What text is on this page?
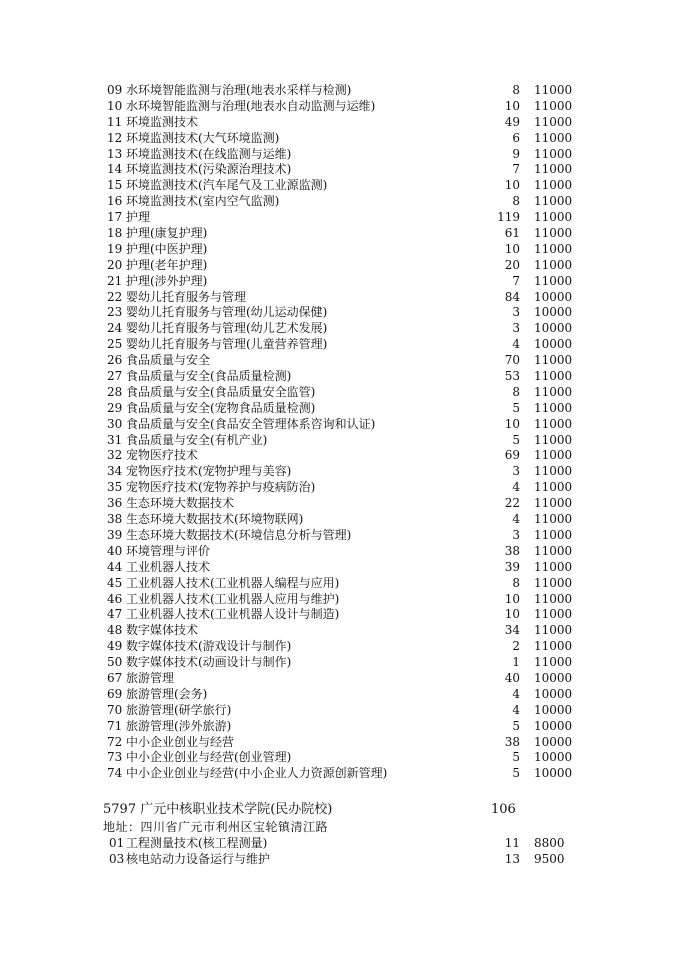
09 水环境智能监测与治理(地表水采样与检测)	8 11000
10 水环境智能监测与治理(地表水自动监测与运维)	10 11000
11 环境监测技术	49 11000
12 环境监测技术(大气环境监测)	6 11000
13 环境监测技术(在线监测与运维)	9 11000
14 环境监测技术(污染源治理技术)	7 11000
15 环境监测技术(汽车尾气及工业源监测)	10 11000
16 环境监测技术(室内空气监测)	8 11000
17 护理	119 11000
18 护理(康复护理)	61 11000
19 护理(中医护理)	10 11000
20 护理(老年护理)	20 11000
21 护理(涉外护理)	7 11000
22 婴幼儿托育服务与管理	84 10000
23 婴幼儿托育服务与管理(幼儿运动保健)	3 10000
24 婴幼儿托育服务与管理(幼儿艺术发展)	3 10000
25 婴幼儿托育服务与管理(儿童营养管理)	4 10000
26 食品质量与安全	70 11000
27 食品质量与安全(食品质量检测)	53 11000
28 食品质量与安全(食品质量安全监管)	8 11000
29 食品质量与安全(宠物食品质量检测)	5 11000
30 食品质量与安全(食品安全管理体系咨询和认证)	10 11000
31 食品质量与安全(有机产业)	5 11000
32 宠物医疗技术	69 11000
34 宠物医疗技术(宠物护理与美容)	3 11000
35 宠物医疗技术(宠物养护与疫病防治)	4 11000
36 生态环境大数据技术	22 11000
38 生态环境大数据技术(环境物联网)	4 11000
39 生态环境大数据技术(环境信息分析与管理)	3 11000
40 环境管理与评价	38 11000
44 工业机器人技术	39 11000
45 工业机器人技术(工业机器人编程与应用)	8 11000
46 工业机器人技术(工业机器人应用与维护)	10 11000
47 工业机器人技术(工业机器人设计与制造)	10 11000
48 数字媒体技术	34 11000
49 数字媒体技术(游戏设计与制作)	2 11000
50 数字媒体技术(动画设计与制作)	1 11000
67 旅游管理	40 10000
69 旅游管理(会务)	4 10000
70 旅游管理(研学旅行)	4 10000
71 旅游管理(涉外旅游)	5 10000
72 中小企业创业与经营	38 10000
73 中小企业创业与经营(创业管理)	5 10000
74 中小企业创业与经营(中小企业人力资源创新管理)	5 10000
5797 广元中核职业技术学院(民办院校)	106
地址：四川省广元市利州区宝轮镇清江路
01 工程测量技术(核工程测量)	11 8800
03 核电站动力设备运行与维护	13 9500
